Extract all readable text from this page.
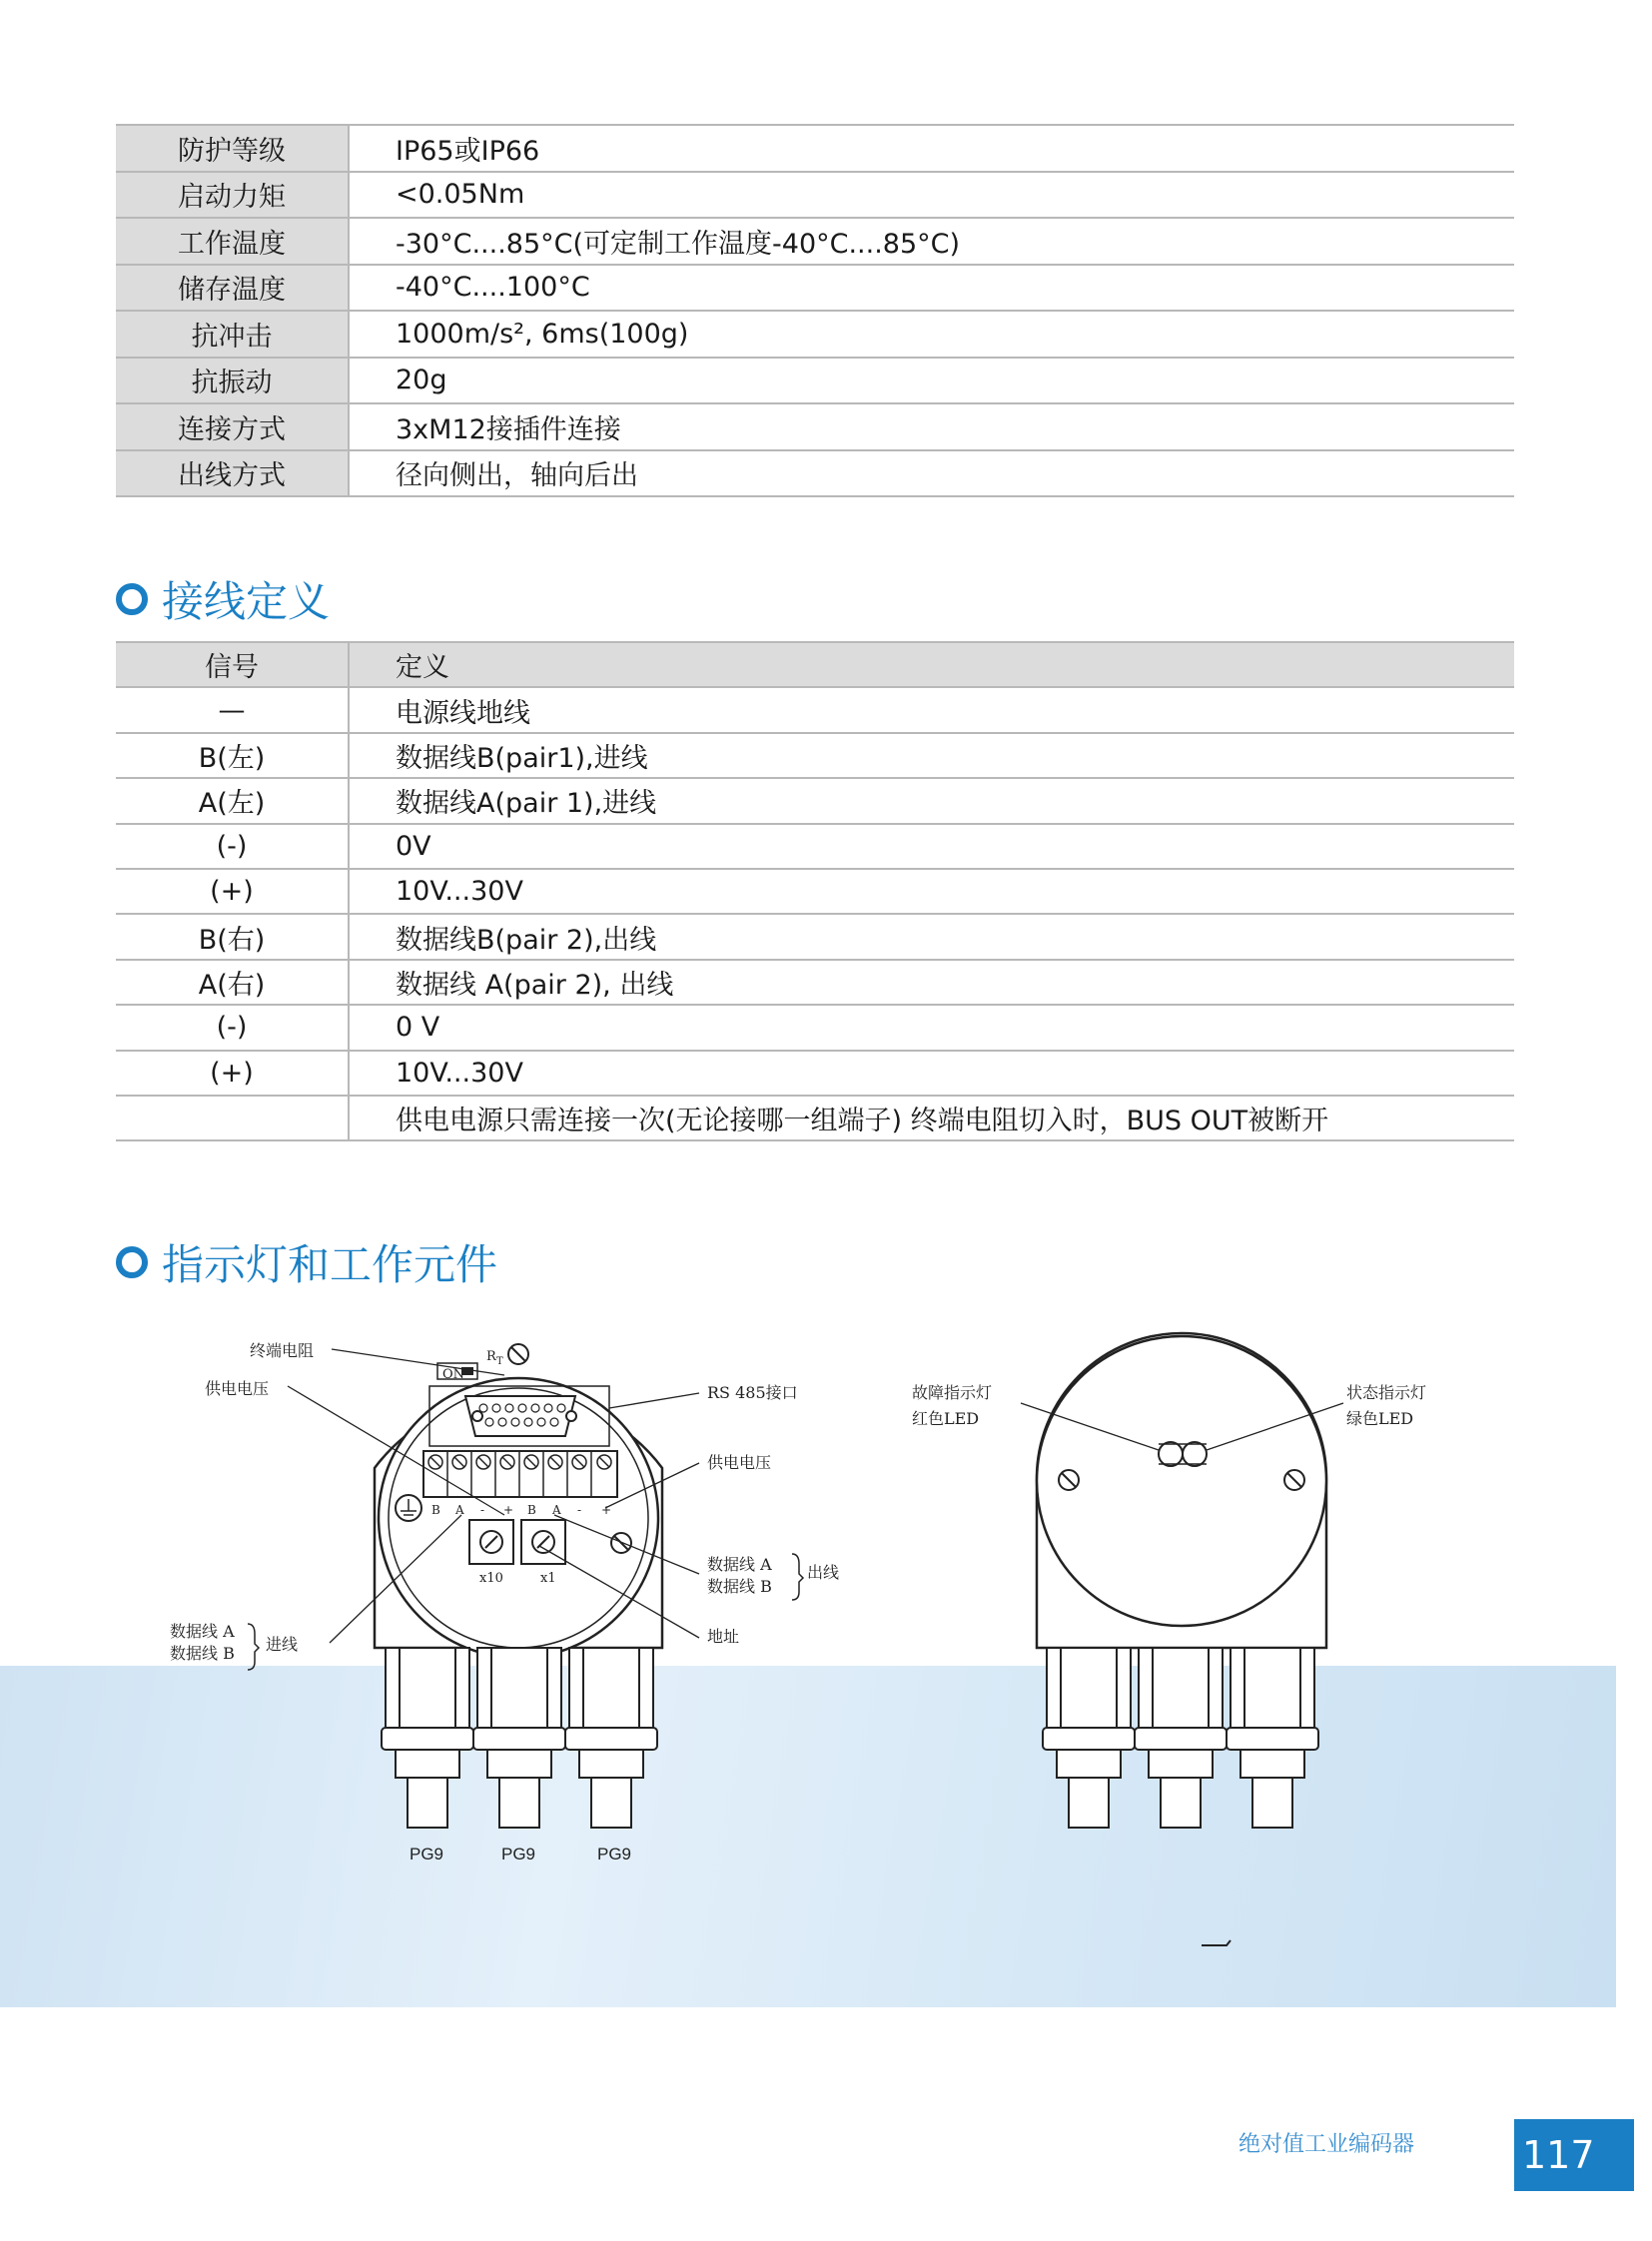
防护等级	IP65或IP66
启动力矩	<0.05Nm
工作温度	-30°C....85°C(可定制工作温度-40°C....85°C)
储存温度	-40°C....100°C
抗冲击	1000m/s², 6ms(100g)
抗振动	20g
连接方式	3xM12接插件连接
出线方式	径向侧出，轴向后出
接线定义
信号	定义
—	电源线地线
B(左)	数据线B(pair1),进线
A(左)	数据线A(pair 1),进线
(-)	0V
(+)	10V...30V
B(右)	数据线B(pair 2),出线
A(右)	数据线 A(pair 2), 出线
(-)	0 V
(+)	10V...30V
	供电电源只需连接一次(无论接哪一组端子) 终端电阻切入时，BUS OUT被断开
指示灯和工作元件
ON
R T
B A - + B A - +
x10	x1
PG9	PG9	PG9
终端电阻
供电电压	RS 485接口
供电电压
数据线 A
数据线 B
出线
地址
数据线 A
数据线 B 进线
故障指示灯
红色LED
状态指示灯
绿色LED
绝对值工业编码器	117
